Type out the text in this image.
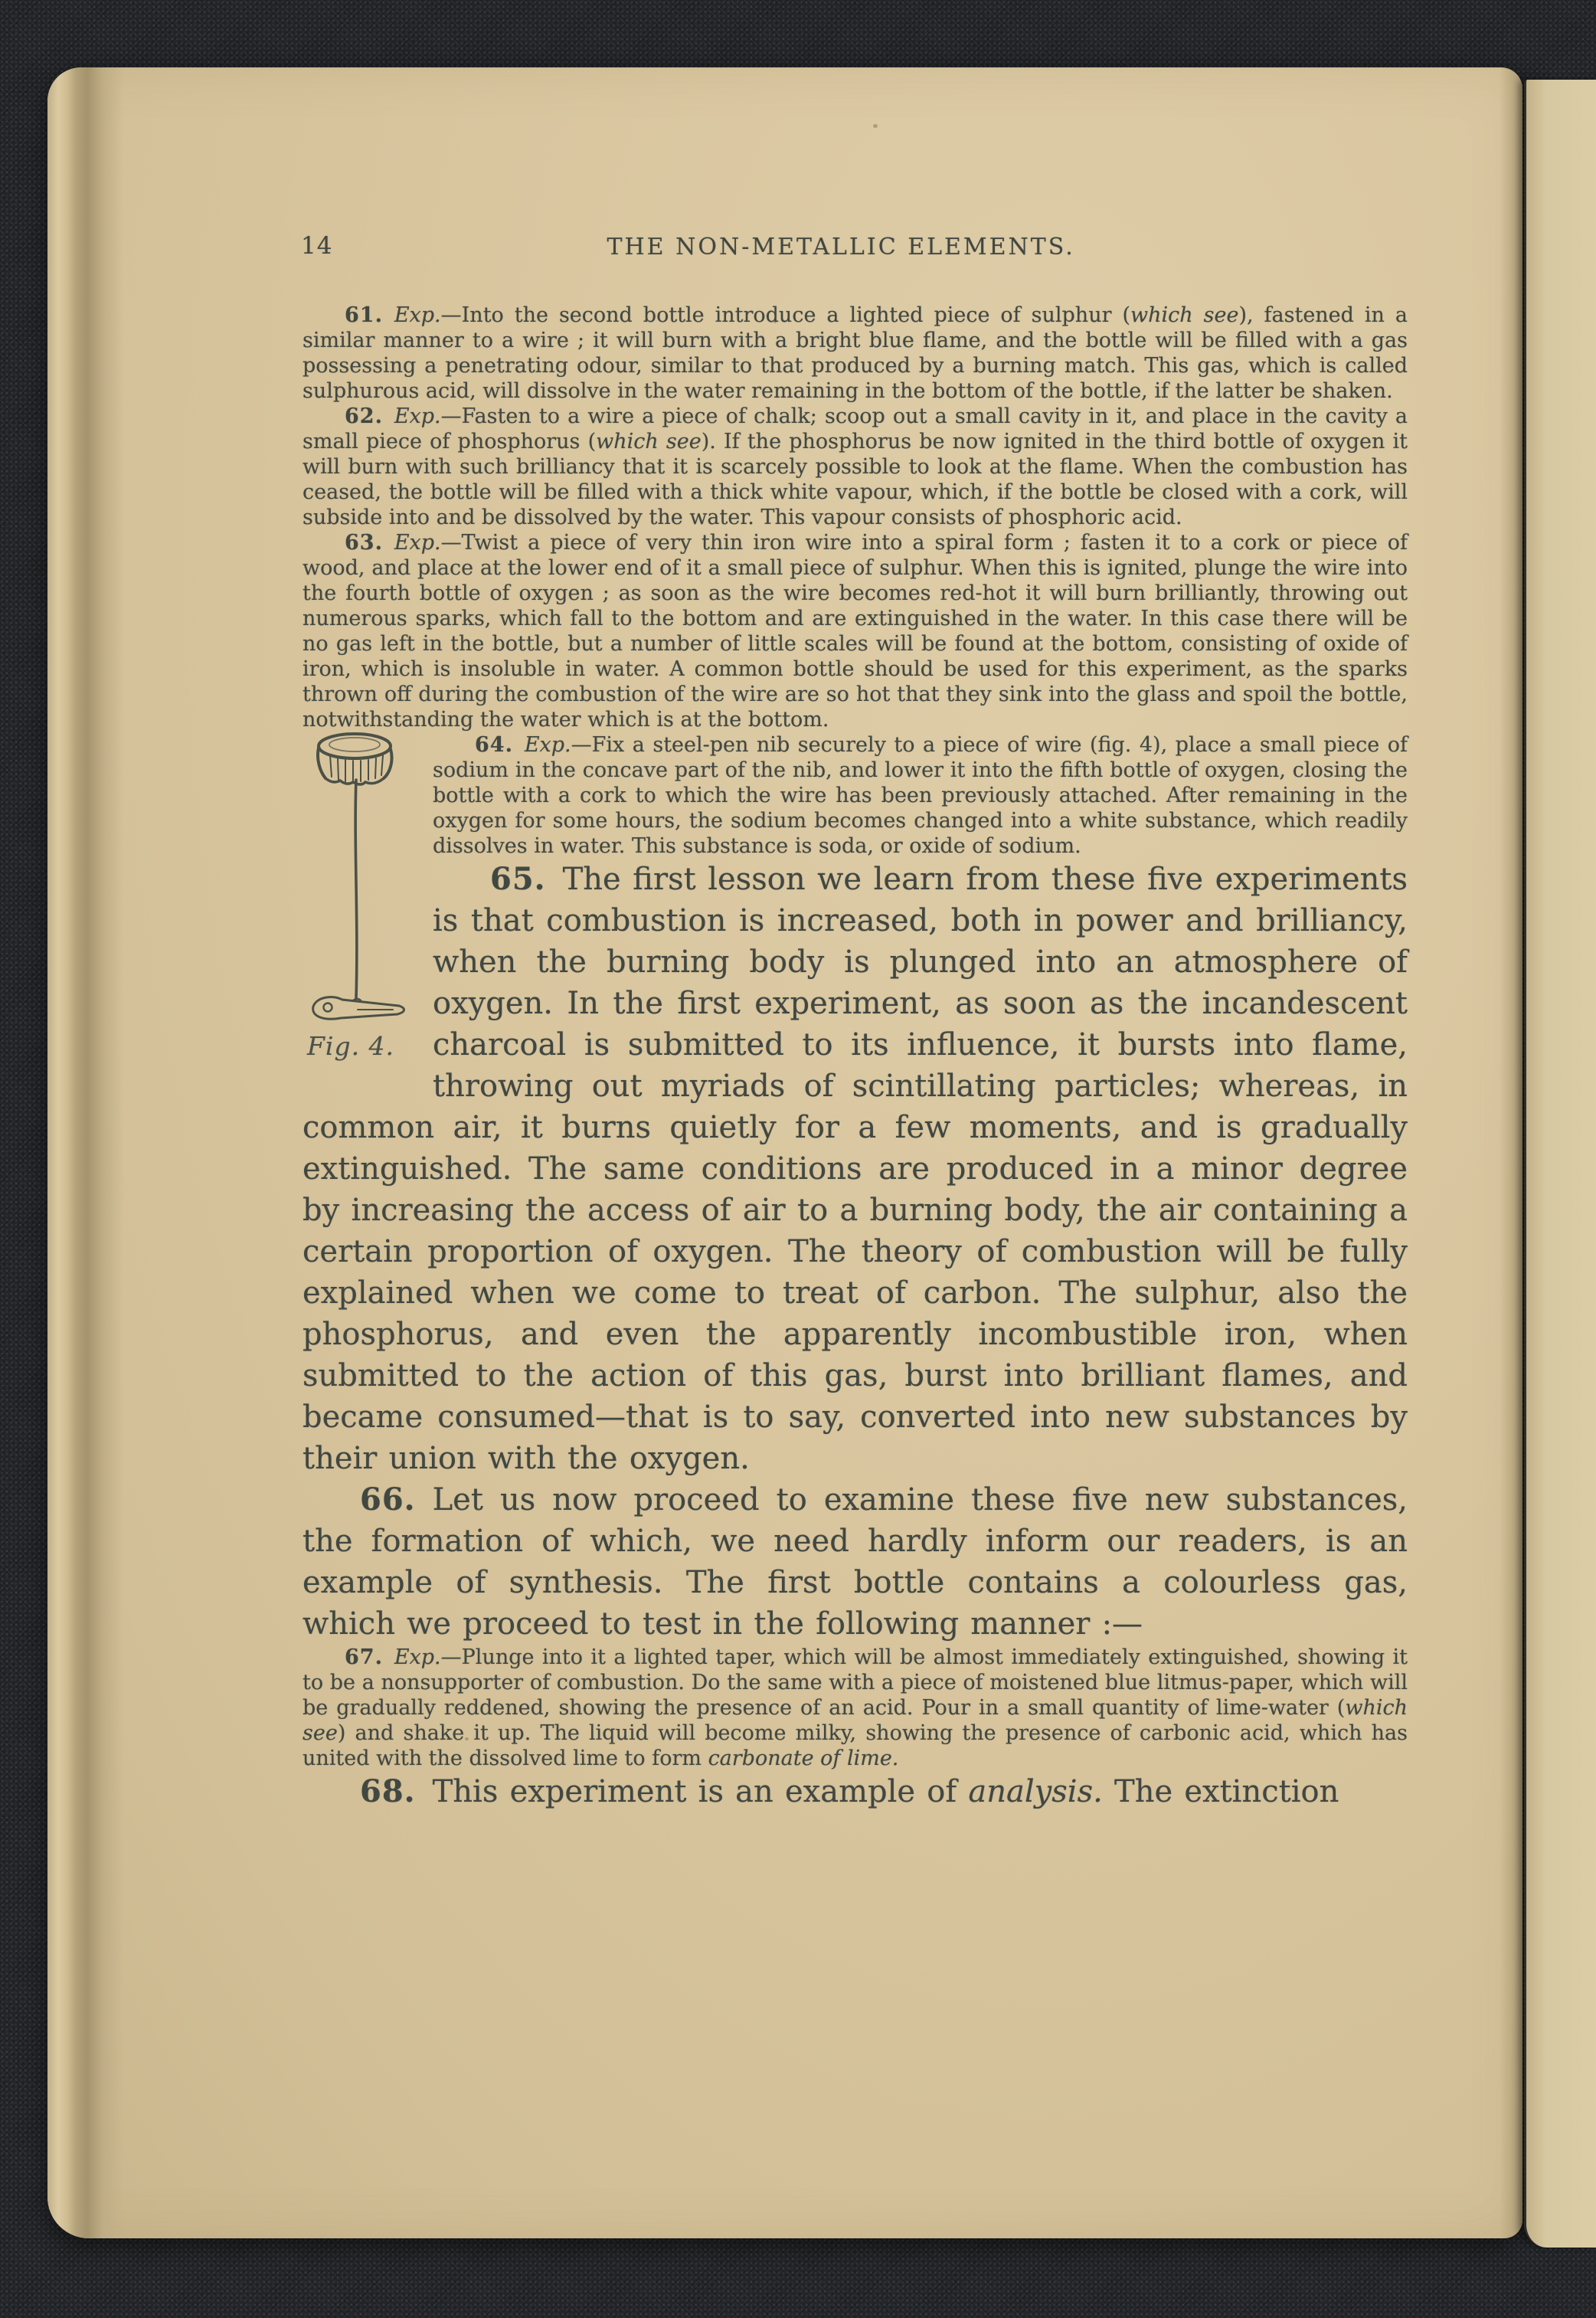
14	THE NON-METALLIC ELEMENTS.

61. Exp.—Into the second bottle introduce a lighted piece of sulphur (which see), fastened in a similar manner to a wire ; it will burn with a bright blue flame, and the bottle will be filled with a gas possessing a penetrating odour, similar to that produced by a burning match. This gas, which is called sulphurous acid, will dissolve in the water remaining in the bottom of the bottle, if the latter be shaken.

62. Exp.—Fasten to a wire a piece of chalk; scoop out a small cavity in it, and place in the cavity a small piece of phosphorus (which see). If the phosphorus be now ignited in the third bottle of oxygen it will burn with such brilliancy that it is scarcely possible to look at the flame. When the combustion has ceased, the bottle will be filled with a thick white vapour, which, if the bottle be closed with a cork, will subside into and be dissolved by the water. This vapour consists of phosphoric acid.

63. Exp.—Twist a piece of very thin iron wire into a spiral form ; fasten it to a cork or piece of wood, and place at the lower end of it a small piece of sulphur. When this is ignited, plunge the wire into the fourth bottle of oxygen ; as soon as the wire becomes red-hot it will burn brilliantly, throwing out numerous sparks, which fall to the bottom and are extinguished in the water. In this case there will be no gas left in the bottle, but a number of little scales will be found at the bottom, consisting of oxide of iron, which is insoluble in water. A common bottle should be used for this experiment, as the sparks thrown off during the combustion of the wire are so hot that they sink into the glass and spoil the bottle, notwithstanding the water which is at the bottom.

Fig. 4.

64. Exp.—Fix a steel-pen nib securely to a piece of wire (fig. 4), place a small piece of sodium in the concave part of the nib, and lower it into the fifth bottle of oxygen, closing the bottle with a cork to which the wire has been previously attached. After remaining in the oxygen for some hours, the sodium becomes changed into a white substance, which readily dissolves in water. This substance is soda, or oxide of sodium.

65. The first lesson we learn from these five experiments is that combustion is increased, both in power and brilliancy, when the burning body is plunged into an atmosphere of oxygen. In the first experiment, as soon as the incandescent charcoal is submitted to its influence, it bursts into flame, throwing out myriads of scintillating particles; whereas, in common air, it burns quietly for a few moments, and is gradually extinguished. The same conditions are produced in a minor degree by increasing the access of air to a burning body, the air containing a certain proportion of oxygen. The theory of combustion will be fully explained when we come to treat of carbon. The sulphur, also the phosphorus, and even the apparently incombustible iron, when submitted to the action of this gas, burst into brilliant flames, and became consumed—that is to say, converted into new substances by their union with the oxygen.

66. Let us now proceed to examine these five new substances, the formation of which, we need hardly inform our readers, is an example of synthesis. The first bottle contains a colourless gas, which we proceed to test in the following manner :—

67. Exp.—Plunge into it a lighted taper, which will be almost immediately extinguished, showing it to be a nonsupporter of combustion. Do the same with a piece of moistened blue litmus-paper, which will be gradually reddened, showing the presence of an acid. Pour in a small quantity of lime-water (which see) and shake it up. The liquid will become milky, showing the presence of carbonic acid, which has united with the dissolved lime to form carbonate of lime.

68. This experiment is an example of analysis. The extinction
